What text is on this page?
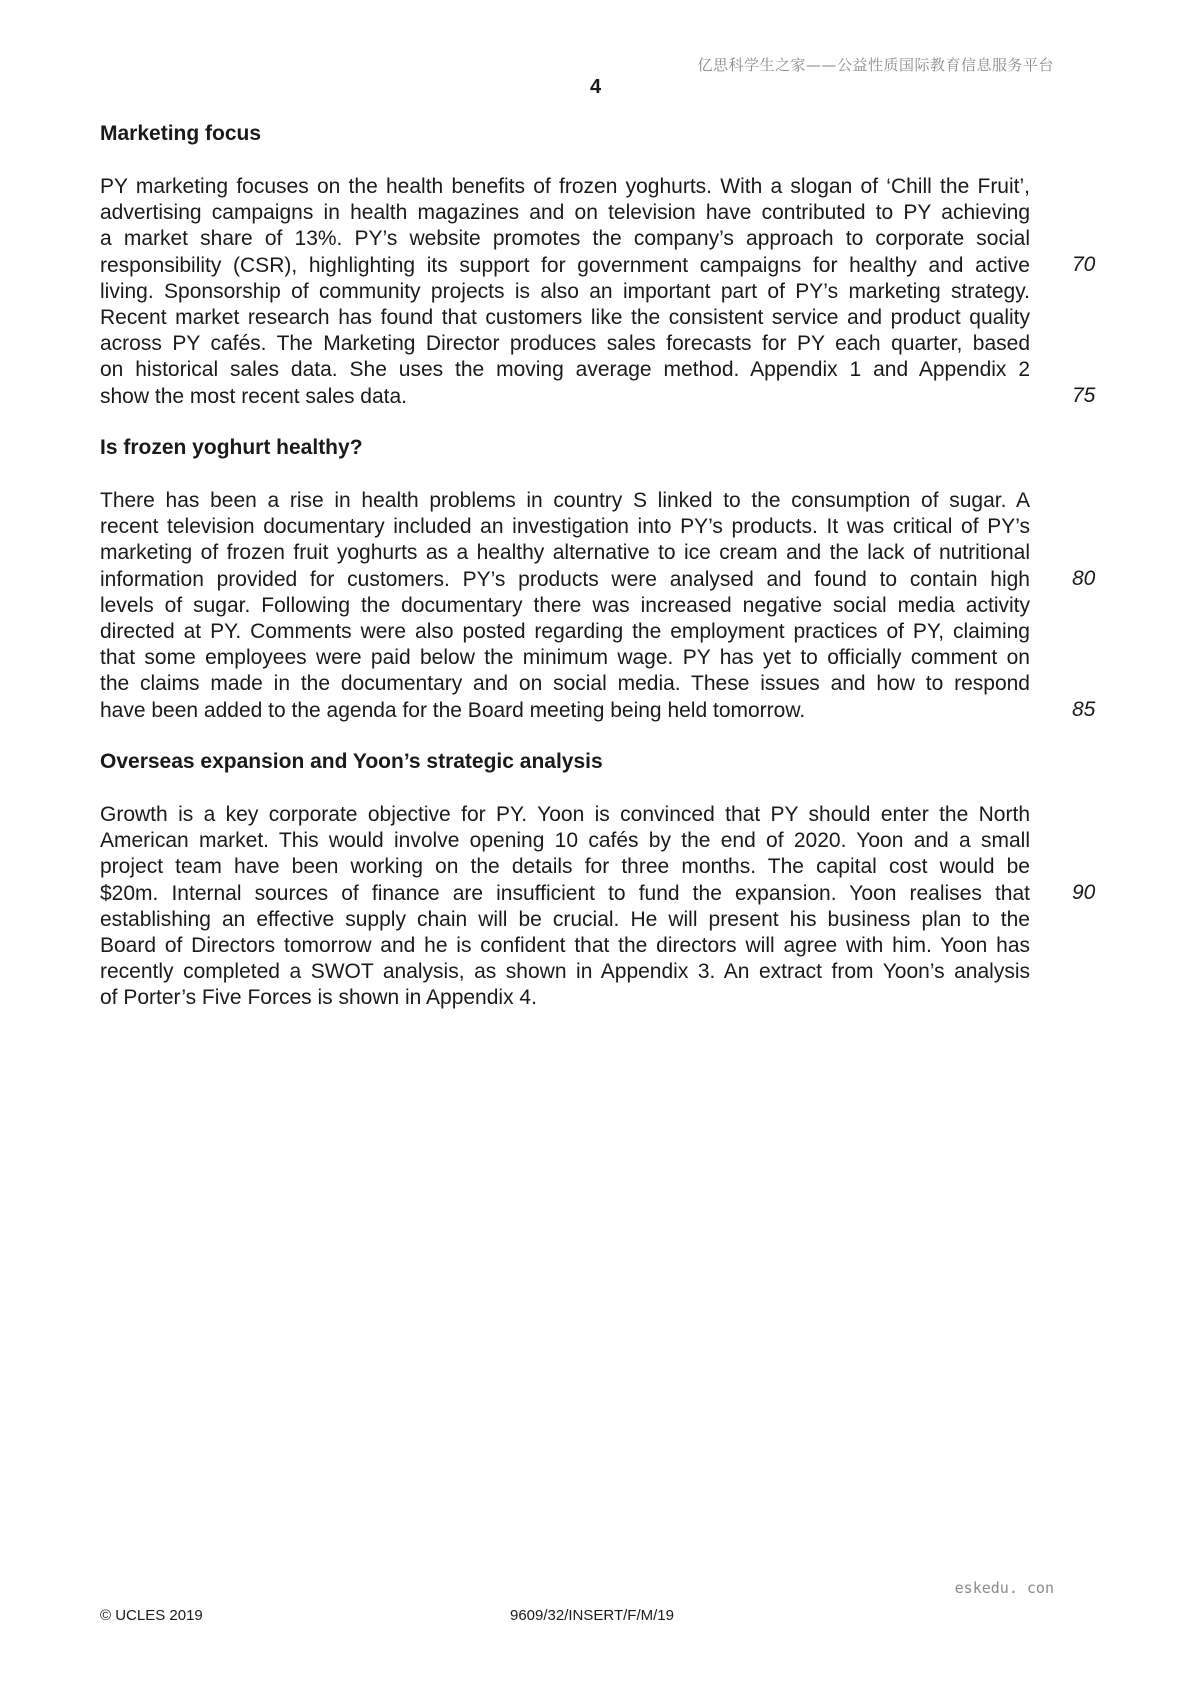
亿思科学生之家——公益性质国际教育信息服务平台
4
Marketing focus
PY marketing focuses on the health benefits of frozen yoghurts. With a slogan of ‘Chill the Fruit’,
advertising campaigns in health magazines and on television have contributed to PY achieving
a market share of 13%. PY’s website promotes the company’s approach to corporate social
responsibility (CSR), highlighting its support for government campaigns for healthy and active
living. Sponsorship of community projects is also an important part of PY’s marketing strategy.
Recent market research has found that customers like the consistent service and product quality
across PY cafés. The Marketing Director produces sales forecasts for PY each quarter, based
on historical sales data. She uses the moving average method. Appendix 1 and Appendix 2
show the most recent sales data.
70
75
Is frozen yoghurt healthy?
There has been a rise in health problems in country S linked to the consumption of sugar. A
recent television documentary included an investigation into PY’s products. It was critical of PY’s
marketing of frozen fruit yoghurts as a healthy alternative to ice cream and the lack of nutritional
information provided for customers. PY’s products were analysed and found to contain high
levels of sugar. Following the documentary there was increased negative social media activity
directed at PY. Comments were also posted regarding the employment practices of PY, claiming
that some employees were paid below the minimum wage. PY has yet to officially comment on
the claims made in the documentary and on social media. These issues and how to respond
have been added to the agenda for the Board meeting being held tomorrow.
80
85
Overseas expansion and Yoon’s strategic analysis
Growth is a key corporate objective for PY. Yoon is convinced that PY should enter the North
American market. This would involve opening 10 cafés by the end of 2020. Yoon and a small
project team have been working on the details for three months. The capital cost would be
$20m. Internal sources of finance are insufficient to fund the expansion. Yoon realises that
establishing an effective supply chain will be crucial. He will present his business plan to the
Board of Directors tomorrow and he is confident that the directors will agree with him. Yoon has
recently completed a SWOT analysis, as shown in Appendix 3. An extract from Yoon’s analysis
of Porter’s Five Forces is shown in Appendix 4.
90
eskedu. con
© UCLES 2019	9609/32/INSERT/F/M/19
